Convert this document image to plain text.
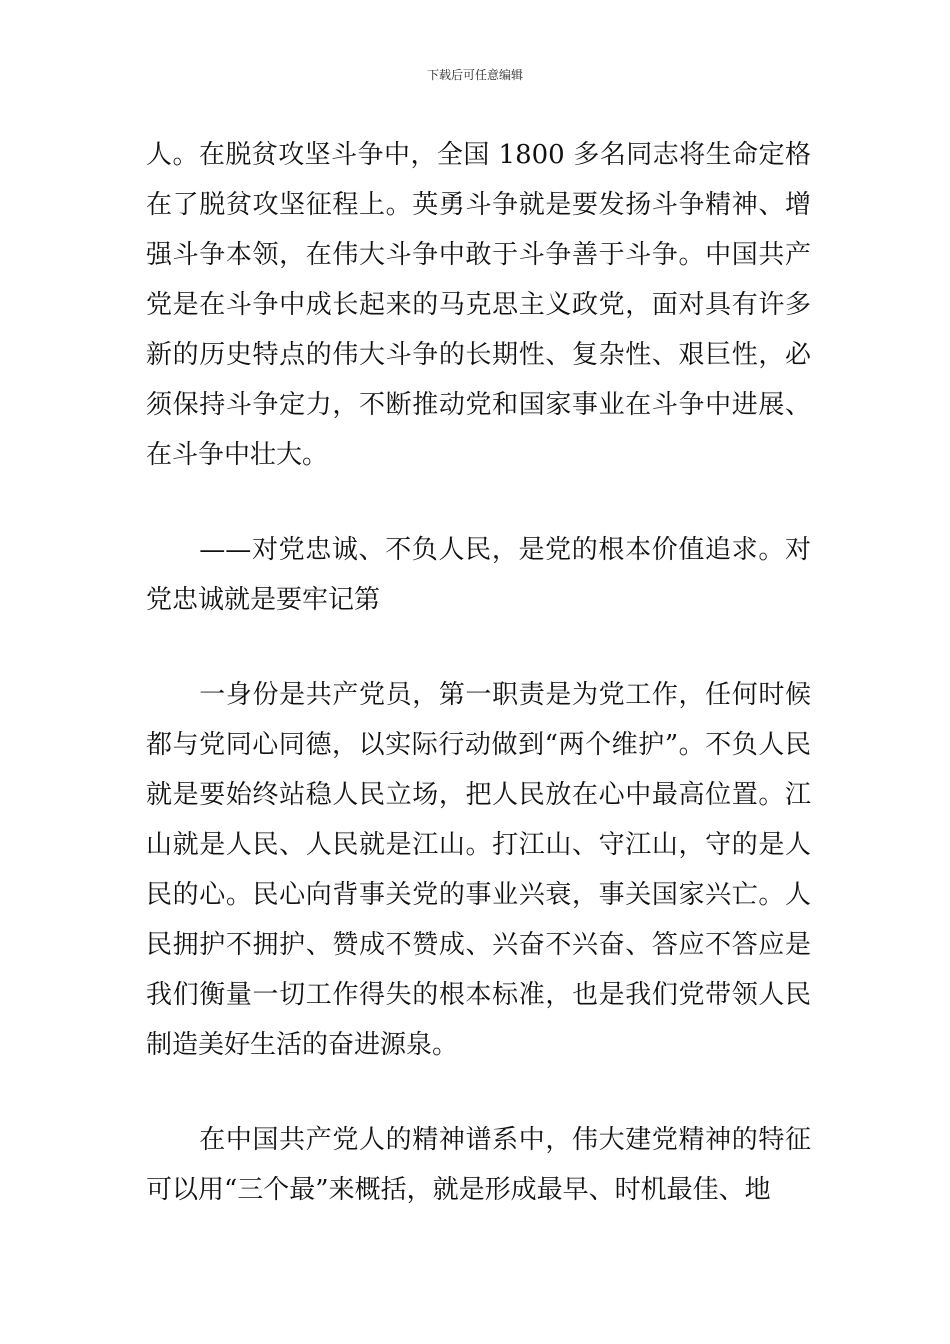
下载后可任意编辑

人。在脱贫攻坚斗争中，全国 1800 多名同志将生命定格在了脱贫攻坚征程上。英勇斗争就是要发扬斗争精神、增强斗争本领，在伟大斗争中敢于斗争善于斗争。中国共产党是在斗争中成长起来的马克思主义政党，面对具有许多新的历史特点的伟大斗争的长期性、复杂性、艰巨性，必须保持斗争定力，不断推动党和国家事业在斗争中进展、在斗争中壮大。

　　——对党忠诚、不负人民，是党的根本价值追求。对党忠诚就是要牢记第

　　一身份是共产党员，第一职责是为党工作，任何时候都与党同心同德，以实际行动做到“两个维护”。不负人民就是要始终站稳人民立场，把人民放在心中最高位置。江山就是人民、人民就是江山。打江山、守江山，守的是人民的心。民心向背事关党的事业兴衰，事关国家兴亡。人民拥护不拥护、赞成不赞成、兴奋不兴奋、答应不答应是我们衡量一切工作得失的根本标准，也是我们党带领人民制造美好生活的奋进源泉。

　　在中国共产党人的精神谱系中，伟大建党精神的特征可以用“三个最”来概括，就是形成最早、时机最佳、地
